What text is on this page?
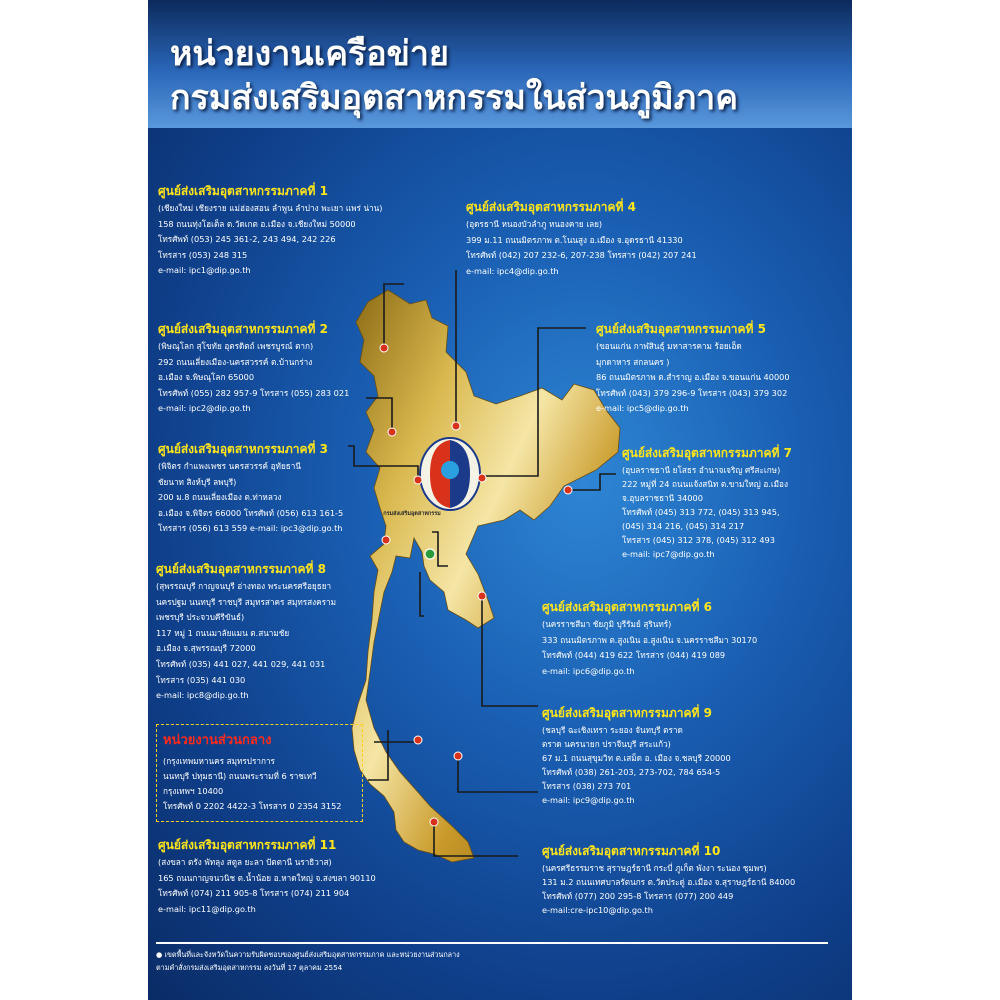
หน่วยงานเครือข่าย
กรมส่งเสริมอุตสาหกรรมในส่วนภูมิภาค
กรมส่งเสริมอุตสาหกรรม
ศูนย์ส่งเสริมอุตสาหกรรมภาคที่ 1
(เชียงใหม่ เชียงราย แม่ฮ่องสอน ลำพูน ลำปาง พะเยา แพร่ น่าน)
158 ถนนทุ่งโฮเต็ล ต.วัดเกต อ.เมือง จ.เชียงใหม่ 50000
โทรศัพท์ (053) 245 361-2, 243 494, 242 226
โทรสาร (053) 248 315
e-mail: ipc1@dip.go.th
ศูนย์ส่งเสริมอุตสาหกรรมภาคที่ 4
(อุดรธานี หนองบัวลำภู หนองคาย เลย)
399 ม.11 ถนนมิตรภาพ ต.โนนสูง อ.เมือง จ.อุดรธานี 41330
โทรศัพท์ (042) 207 232-6, 207-238 โทรสาร (042) 207 241
e-mail: ipc4@dip.go.th
ศูนย์ส่งเสริมอุตสาหกรรมภาคที่ 2
(พิษณุโลก สุโขทัย อุตรดิตถ์ เพชรบูรณ์ ตาก)
292 ถนนเลี่ยงเมือง-นครสวรรค์ ต.บ้านกร่าง
อ.เมือง จ.พิษณุโลก 65000
โทรศัพท์ (055) 282 957-9 โทรสาร (055) 283 021
e-mail: ipc2@dip.go.th
ศูนย์ส่งเสริมอุตสาหกรรมภาคที่ 5
(ขอนแก่น กาฬสินธุ์ มหาสารคาม ร้อยเอ็ด
มุกดาหาร สกลนคร )
86 ถนนมิตรภาพ ต.สำราญ อ.เมือง จ.ขอนแก่น 40000
โทรศัพท์ (043) 379 296-9 โทรสาร (043) 379 302
e-mail: ipc5@dip.go.th
ศูนย์ส่งเสริมอุตสาหกรรมภาคที่ 3
(พิจิตร กำแพงเพชร นครสวรรค์ อุทัยธานี
ชัยนาท สิงห์บุรี ลพบุรี)
200 ม.8 ถนนเลี่ยงเมือง ต.ท่าหลวง
อ.เมือง จ.พิจิตร 66000 โทรศัพท์ (056) 613 161-5
โทรสาร (056) 613 559 e-mail: ipc3@dip.go.th
ศูนย์ส่งเสริมอุตสาหกรรมภาคที่ 7
(อุบลราชธานี ยโสธร อำนาจเจริญ ศรีสะเกษ)
222 หมู่ที่ 24 ถนนแจ้งสนิท ต.ขามใหญ่ อ.เมือง
จ.อุบลราชธานี 34000
โทรศัพท์ (045) 313 772, (045) 313 945,
(045) 314 216, (045) 314 217
โทรสาร (045) 312 378, (045) 312 493
e-mail: ipc7@dip.go.th
ศูนย์ส่งเสริมอุตสาหกรรมภาคที่ 8
(สุพรรณบุรี กาญจนบุรี อ่างทอง พระนครศรีอยุธยา
นครปฐม นนทบุรี ราชบุรี สมุทรสาคร สมุทรสงคราม
เพชรบุรี ประจวบคีรีขันธ์)
117 หมู่ 1 ถนนมาลัยแมน ต.สนามชัย
อ.เมือง จ.สุพรรณบุรี 72000
โทรศัพท์ (035) 441 027, 441 029, 441 031
โทรสาร (035) 441 030
e-mail: ipc8@dip.go.th
ศูนย์ส่งเสริมอุตสาหกรรมภาคที่ 6
(นครราชสีมา ชัยภูมิ บุรีรัมย์ สุรินทร์)
333 ถนนมิตรภาพ ต.สูงเนิน อ.สูงเนิน จ.นครราชสีมา 30170
โทรศัพท์ (044) 419 622 โทรสาร (044) 419 089
e-mail: ipc6@dip.go.th
ศูนย์ส่งเสริมอุตสาหกรรมภาคที่ 9
(ชลบุรี ฉะเชิงเทรา ระยอง จันทบุรี ตราด
ตราด นครนายก ปราจีนบุรี สระแก้ว)
67 ม.1 ถนนสุขุมวิท ต.เสม็ด อ. เมือง จ.ชลบุรี 20000
โทรศัพท์ (038) 261-203, 273-702, 784 654-5
โทรสาร (038) 273 701
e-mail: ipc9@dip.go.th
หน่วยงานส่วนกลาง
(กรุงเทพมหานคร สมุทรปราการ
นนทบุรี ปทุมธานี) ถนนพระรามที่ 6 ราชเทวี
กรุงเทพฯ 10400
โทรศัพท์ 0 2202 4422-3 โทรสาร 0 2354 3152
ศูนย์ส่งเสริมอุตสาหกรรมภาคที่ 11
(สงขลา ตรัง พัทลุง สตูล ยะลา ปัตตานี นราธิวาส)
165 ถนนกาญจนวนิช ต.น้ำน้อย อ.หาดใหญ่ จ.สงขลา 90110
โทรศัพท์ (074) 211 905-8 โทรสาร (074) 211 904
e-mail: ipc11@dip.go.th
ศูนย์ส่งเสริมอุตสาหกรรมภาคที่ 10
(นครศรีธรรมราช สุราษฎร์ธานี กระบี่ ภูเก็ต พังงา ระนอง ชุมพร)
131 ม.2 ถนนเทศบาลรัตนกร ต.วัดประดู่ อ.เมือง จ.สุราษฎร์ธานี 84000
โทรศัพท์ (077) 200 295-8 โทรสาร (077) 200 449
e-mail:cre-ipc10@dip.go.th
● เขตพื้นที่และจังหวัดในความรับผิดชอบของศูนย์ส่งเสริมอุตสาหกรรมภาค และหน่วยงานส่วนกลาง
ตามคำสั่งกรมส่งเสริมอุตสาหกรรม ลงวันที่ 17 ตุลาคม 2554
